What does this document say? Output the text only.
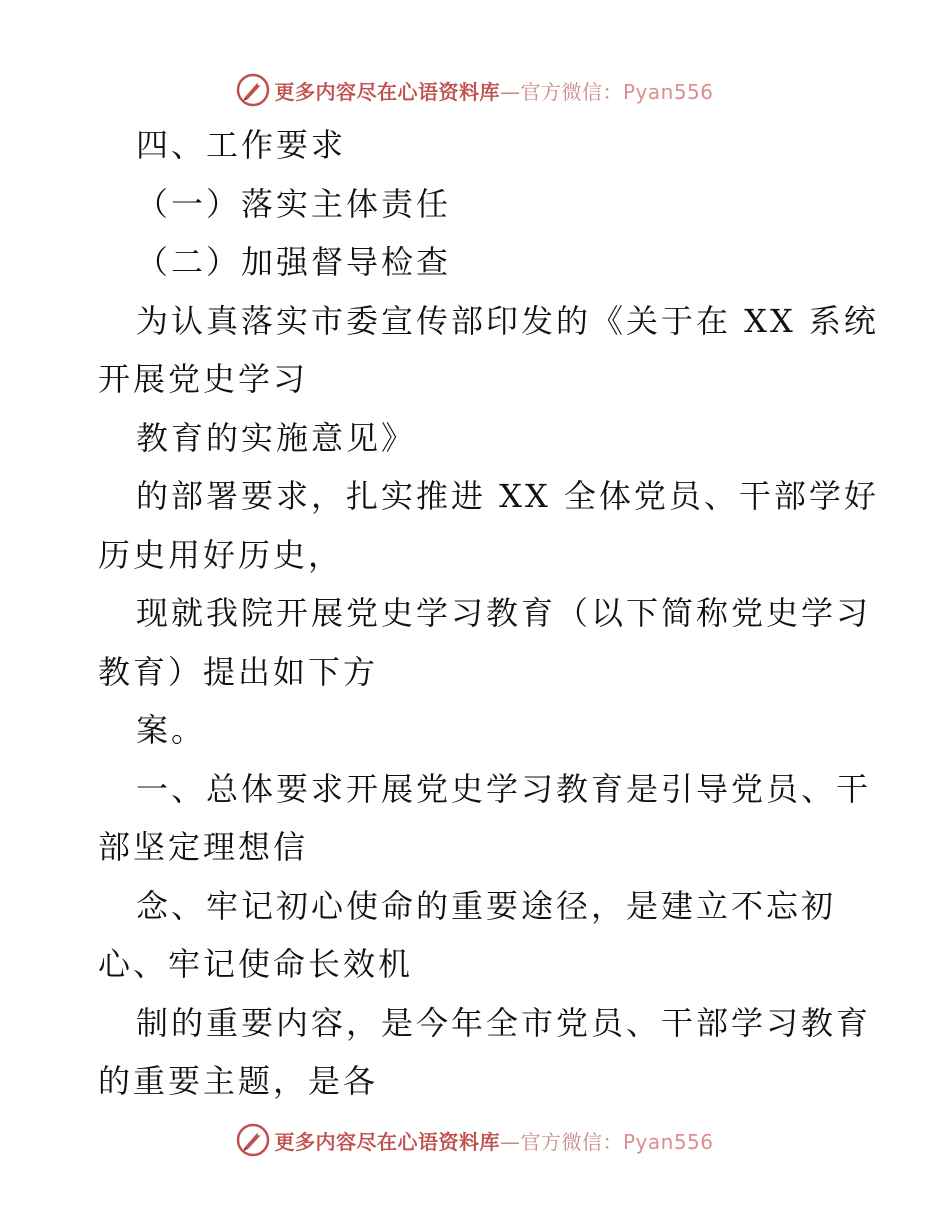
更多内容尽在心语资料库—官方微信：Pyan556

四、工作要求

（一）落实主体责任

（二）加强督导检查

为认真落实市委宣传部印发的《关于在 XX 系统

开展党史学习

教育的实施意见》

的部署要求，扎实推进 XX 全体党员、干部学好

历史用好历史，

现就我院开展党史学习教育（以下简称党史学习

教育）提出如下方

案。

一、总体要求开展党史学习教育是引导党员、干

部坚定理想信

念、牢记初心使命的重要途径，是建立不忘初

心、牢记使命长效机

制的重要内容，是今年全市党员、干部学习教育

的重要主题，是各

更多内容尽在心语资料库—官方微信：Pyan556
